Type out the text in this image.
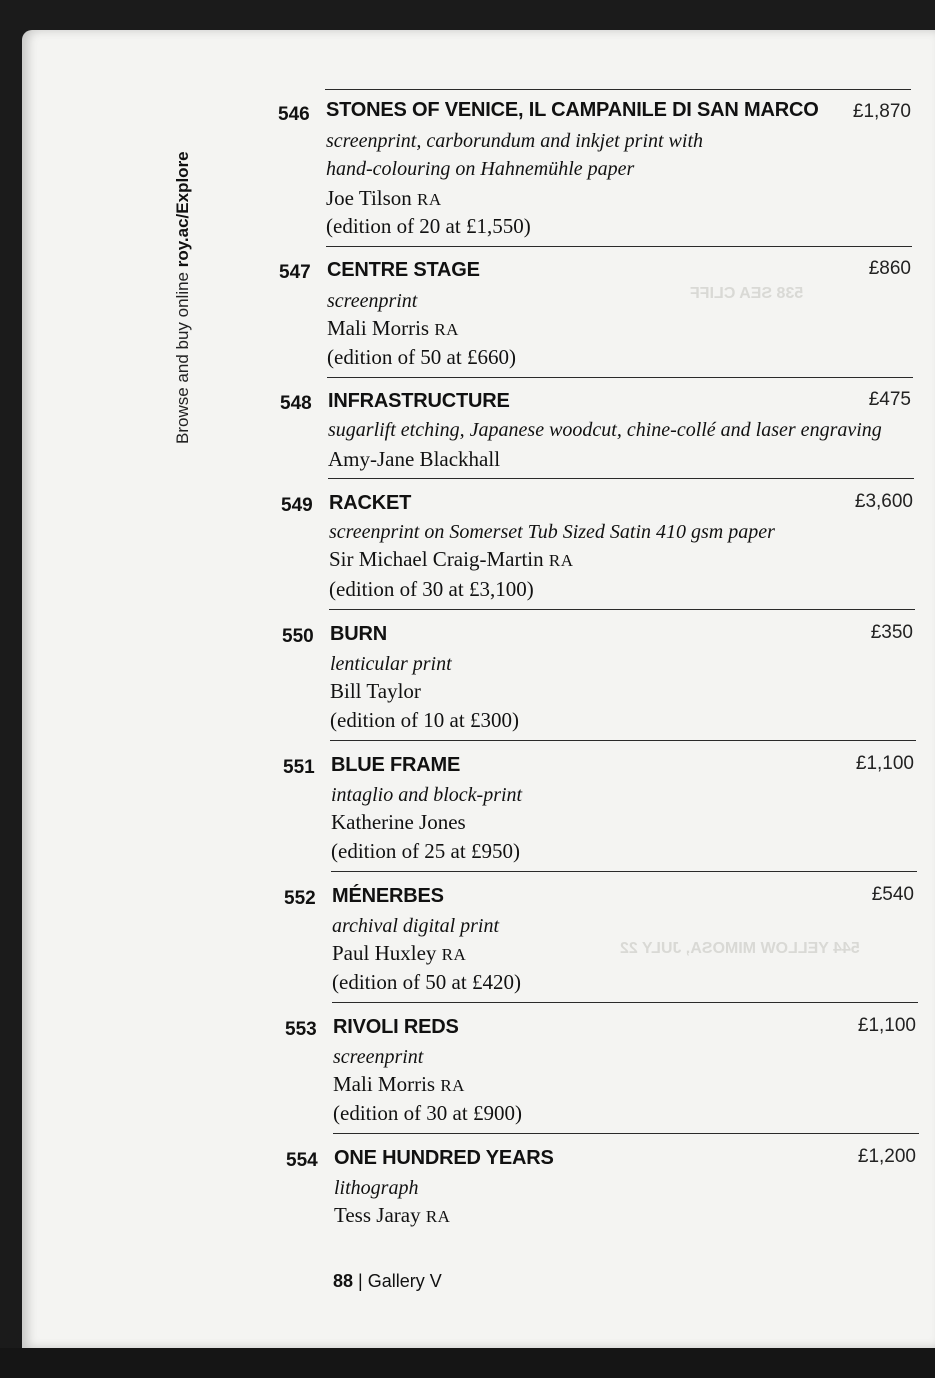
538 SEA CLIFF
544 YELLOW MIMOSA, JULY 22
Browse and buy online roy.ac/Explore
546 STONES OF VENICE, IL CAMPANILE DI SAN MARCO £1,870
screenprint, carborundum and inkjet print with
hand-colouring on Hahnemühle paper
Joe Tilson RA
(edition of 20 at £1,550)
547 CENTRE STAGE	£860
screenprint
Mali Morris RA
(edition of 50 at £660)
548 INFRASTRUCTURE	£475
sugarlift etching, Japanese woodcut, chine-collé and laser engraving
Amy-Jane Blackhall
549 RACKET	£3,600
screenprint on Somerset Tub Sized Satin 410 gsm paper
Sir Michael Craig-Martin RA
(edition of 30 at £3,100)
550 BURN	£350
lenticular print
Bill Taylor
(edition of 10 at £300)
551 BLUE FRAME	£1,100
intaglio and block-print
Katherine Jones
(edition of 25 at £950)
552 MÉNERBES	£540
archival digital print
Paul Huxley RA
(edition of 50 at £420)
553 RIVOLI REDS	£1,100
screenprint
Mali Morris RA
(edition of 30 at £900)
554 ONE HUNDRED YEARS	£1,200
lithograph
Tess Jaray RA
88 | Gallery V
